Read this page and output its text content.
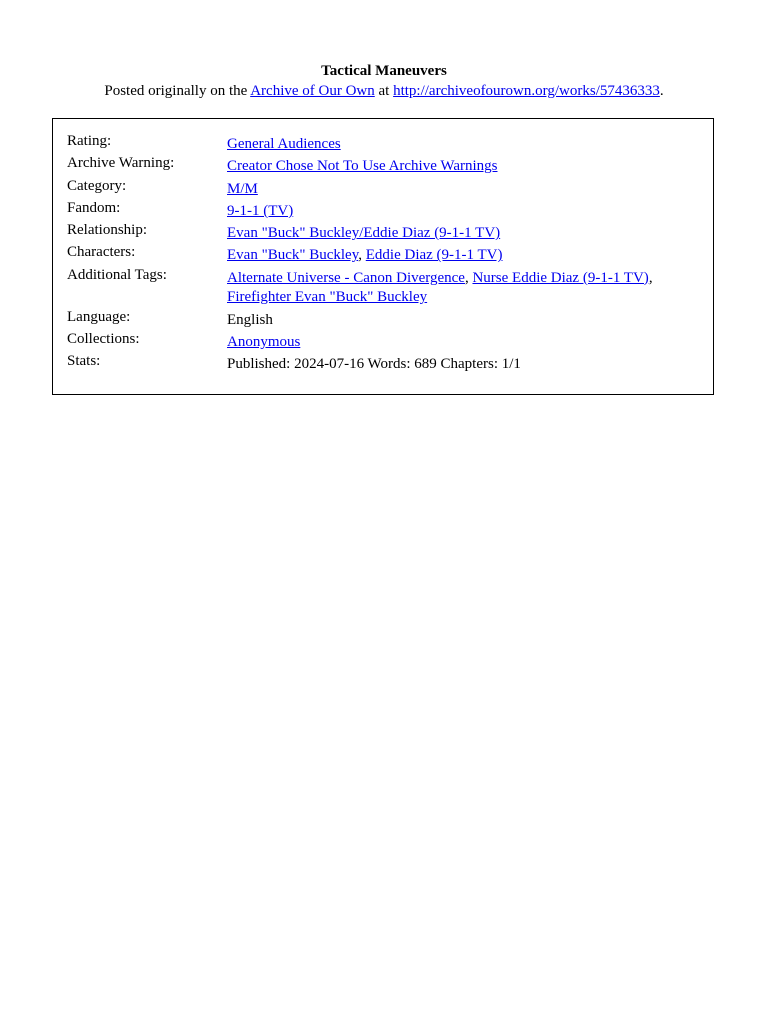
Tactical Maneuvers
Posted originally on the Archive of Our Own at http://archiveofourown.org/works/57436333.
Rating:	General Audiences
Archive Warning:	Creator Chose Not To Use Archive Warnings
Category:	M/M
Fandom:	9-1-1 (TV)
Relationship:	Evan "Buck" Buckley/Eddie Diaz (9-1-1 TV)
Characters:	Evan "Buck" Buckley, Eddie Diaz (9-1-1 TV)
Additional Tags:	Alternate Universe - Canon Divergence, Nurse Eddie Diaz (9-1-1 TV), Firefighter Evan "Buck" Buckley
Language:	English
Collections:	Anonymous
Stats:	Published: 2024-07-16 Words: 689 Chapters: 1/1
